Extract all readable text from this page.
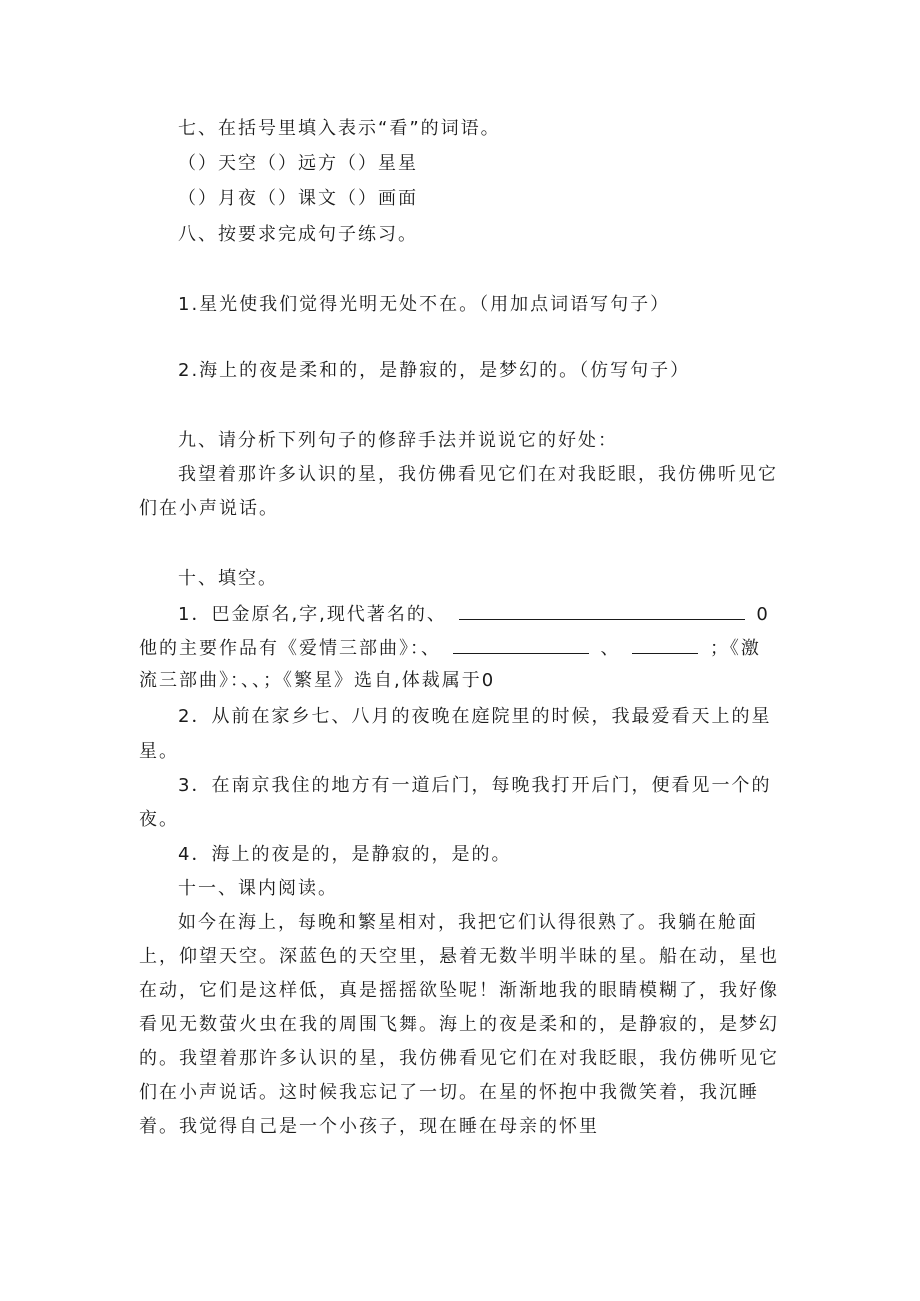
七、在括号里填入表示“看”的词语。
（）天空（）远方（）星星
（）月夜（）课文（）画面
八、按要求完成句子练习。
1.星光使我们觉得光明无处不在。（用加点词语写句子）
2.海上的夜是柔和的，是静寂的，是梦幻的。（仿写句子）
九、请分析下列句子的修辞手法并说说它的好处：
我望着那许多认识的星，我仿佛看见它们在对我眨眼，我仿佛听见它
们在小声说话。
十、填空。
1．巴金原名,字,现代著名的、	0
他的主要作品有《爱情三部曲》：、	、	；《激
流三部曲》：、、；《繁星》选自,体裁属于0
2．从前在家乡七、八月的夜晚在庭院里的时候，我最爱看天上的星
星。
3．在南京我住的地方有一道后门，每晚我打开后门，便看见一个的
夜。
4．海上的夜是的，是静寂的，是的。
十一、课内阅读。
如今在海上，每晚和繁星相对，我把它们认得很熟了。我躺在舱面
上，仰望天空。深蓝色的天空里，悬着无数半明半昧的星。船在动，星也
在动，它们是这样低，真是摇摇欲坠呢！渐渐地我的眼睛模糊了，我好像
看见无数萤火虫在我的周围飞舞。海上的夜是柔和的，是静寂的，是梦幻
的。我望着那许多认识的星，我仿佛看见它们在对我眨眼，我仿佛听见它
们在小声说话。这时候我忘记了一切。在星的怀抱中我微笑着，我沉睡
着。我觉得自己是一个小孩子，现在睡在母亲的怀里
